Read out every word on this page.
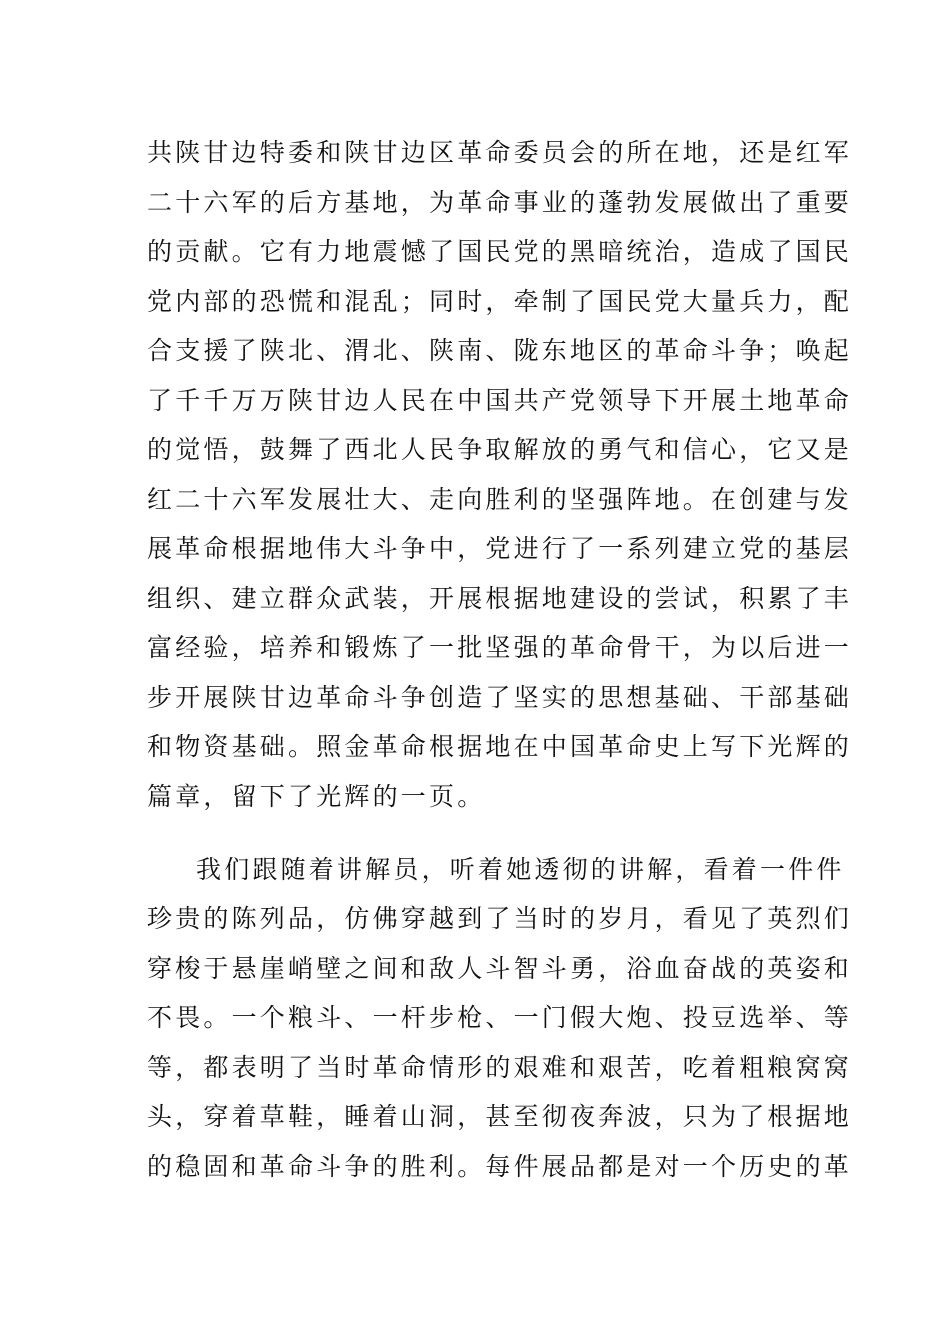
共陕甘边特委和陕甘边区革命委员会的所在地，还是红军
二十六军的后方基地，为革命事业的蓬勃发展做出了重要
的贡献。它有力地震憾了国民党的黑暗统治，造成了国民
党内部的恐慌和混乱；同时，牵制了国民党大量兵力，配
合支援了陕北、渭北、陕南、陇东地区的革命斗争；唤起
了千千万万陕甘边人民在中国共产党领导下开展土地革命
的觉悟，鼓舞了西北人民争取解放的勇气和信心，它又是
红二十六军发展壮大、走向胜利的坚强阵地。在创建与发
展革命根据地伟大斗争中，党进行了一系列建立党的基层
组织、建立群众武装，开展根据地建设的尝试，积累了丰
富经验，培养和锻炼了一批坚强的革命骨干，为以后进一
步开展陕甘边革命斗争创造了坚实的思想基础、干部基础
和物资基础。照金革命根据地在中国革命史上写下光辉的
篇章，留下了光辉的一页。
我们跟随着讲解员，听着她透彻的讲解，看着一件件
珍贵的陈列品，仿佛穿越到了当时的岁月，看见了英烈们
穿梭于悬崖峭壁之间和敌人斗智斗勇，浴血奋战的英姿和
不畏。一个粮斗、一杆步枪、一门假大炮、投豆选举、等
等，都表明了当时革命情形的艰难和艰苦，吃着粗粮窝窝
头，穿着草鞋，睡着山洞，甚至彻夜奔波，只为了根据地
的稳固和革命斗争的胜利。每件展品都是对一个历史的革
